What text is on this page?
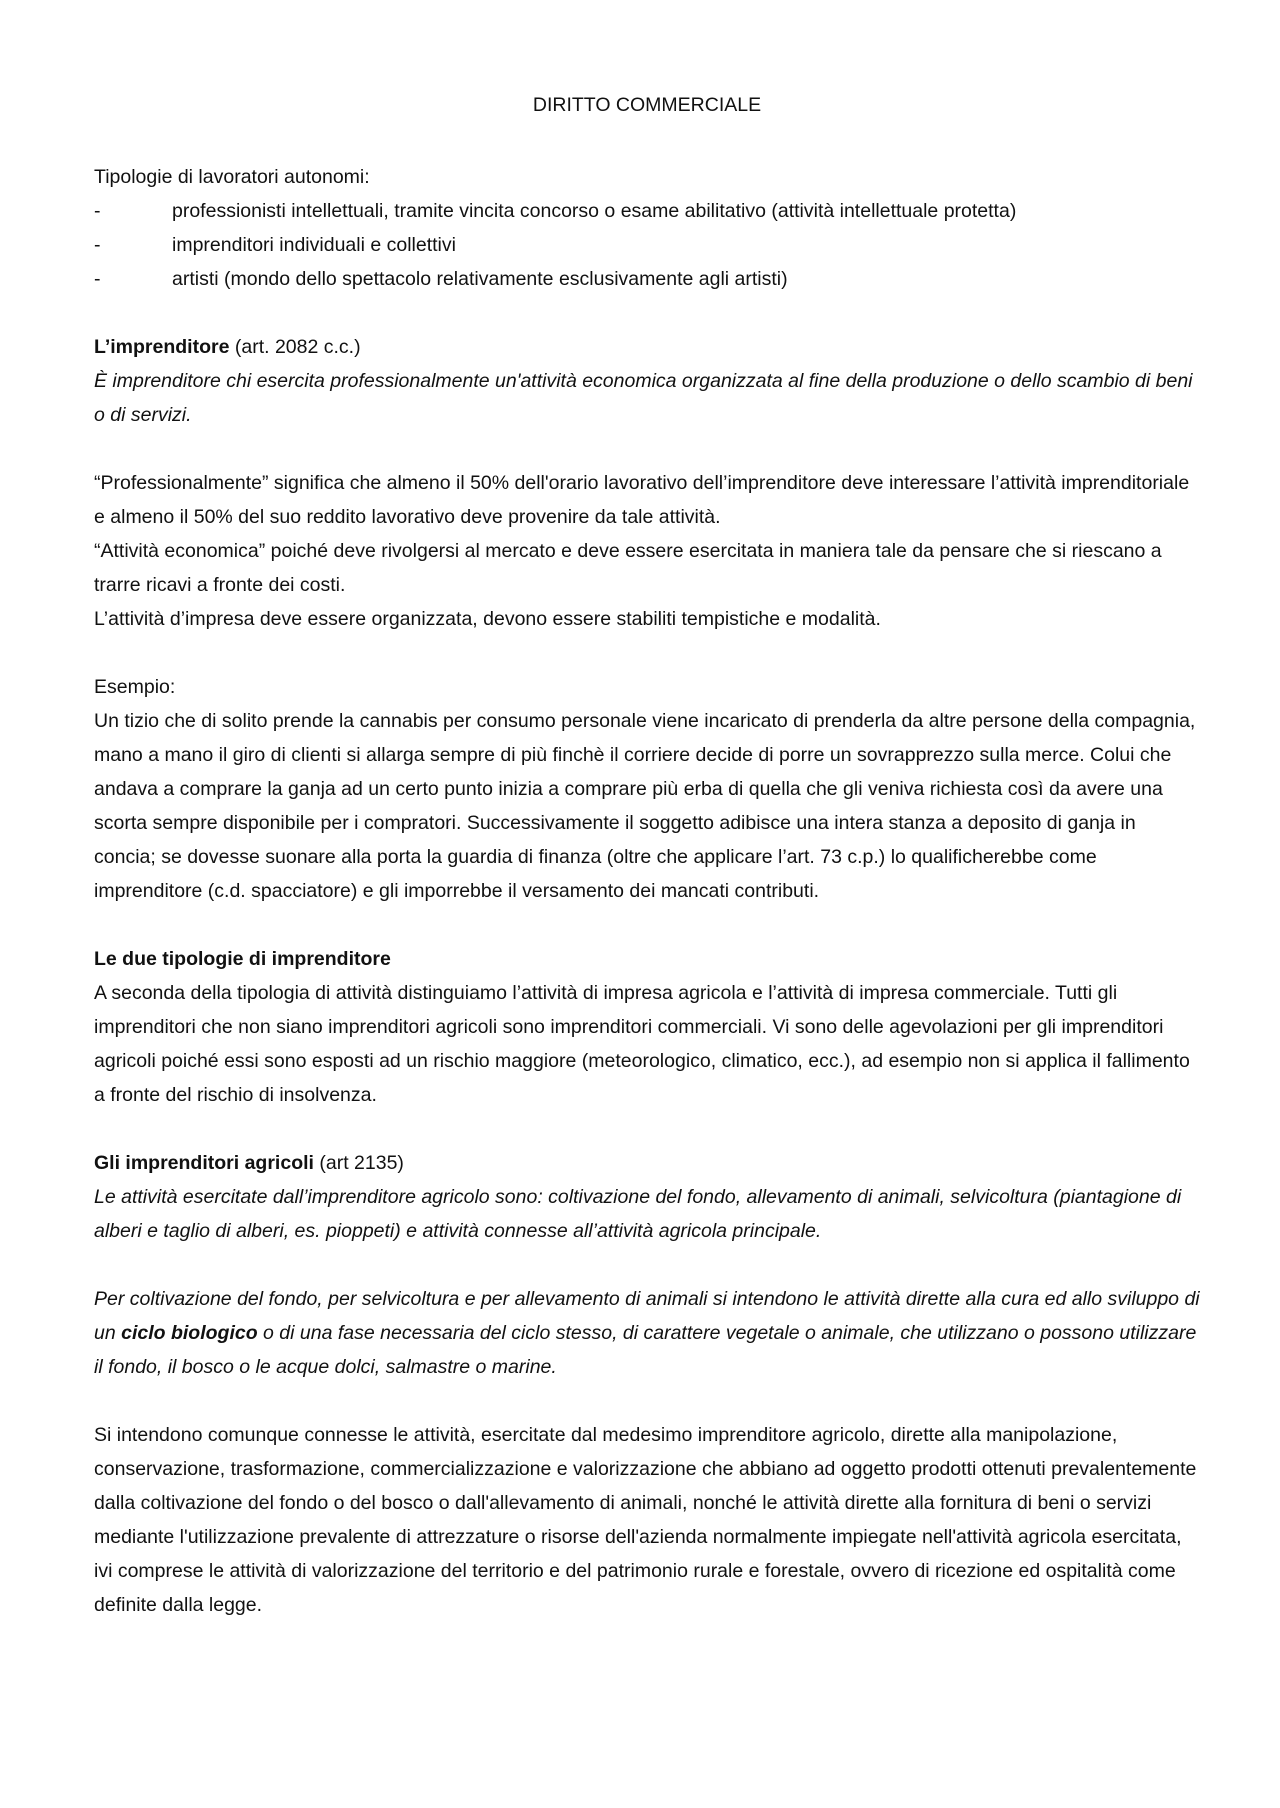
DIRITTO COMMERCIALE

Tipologie di lavoratori autonomi:

-	professionisti intellettuali, tramite vincita concorso o esame abilitativo (attività intellettuale protetta)
-	imprenditori individuali e collettivi
-	artisti (mondo dello spettacolo relativamente esclusivamente agli artisti)

L’imprenditore (art. 2082 c.c.)

È imprenditore chi esercita professionalmente un'attività economica organizzata al fine della produzione o dello scambio di beni o di servizi.

“Professionalmente” significa che almeno il 50% dell'orario lavorativo dell’imprenditore deve interessare l’attività imprenditoriale e almeno il 50% del suo reddito lavorativo deve provenire da tale attività.

“Attività economica” poiché deve rivolgersi al mercato e deve essere esercitata in maniera tale da pensare che si riescano a trarre ricavi a fronte dei costi.

L’attività d’impresa deve essere organizzata, devono essere stabiliti tempistiche e modalità.

Esempio:

Un tizio che di solito prende la cannabis per consumo personale viene incaricato di prenderla da altre persone della compagnia, mano a mano il giro di clienti si allarga sempre di più finchè il corriere decide di porre un sovrapprezzo sulla merce. Colui che andava a comprare la ganja ad un certo punto inizia a comprare più erba di quella che gli veniva richiesta così da avere una scorta sempre disponibile per i compratori. Successivamente il soggetto adibisce una intera stanza a deposito di ganja in concia; se dovesse suonare alla porta la guardia di finanza (oltre che applicare l’art. 73 c.p.) lo qualificherebbe come imprenditore (c.d. spacciatore) e gli imporrebbe il versamento dei mancati contributi.

Le due tipologie di imprenditore

A seconda della tipologia di attività distinguiamo l’attività di impresa agricola e l’attività di impresa commerciale. Tutti gli imprenditori che non siano imprenditori agricoli sono imprenditori commerciali. Vi sono delle agevolazioni per gli imprenditori agricoli poiché essi sono esposti ad un rischio maggiore (meteorologico, climatico, ecc.), ad esempio non si applica il fallimento a fronte del rischio di insolvenza.

Gli imprenditori agricoli (art 2135)

Le attività esercitate dall’imprenditore agricolo sono: coltivazione del fondo, allevamento di animali, selvicoltura (piantagione di alberi e taglio di alberi, es. pioppeti) e attività connesse all’attività agricola principale.

Per coltivazione del fondo, per selvicoltura e per allevamento di animali si intendono le attività dirette alla cura ed allo sviluppo di un ciclo biologico o di una fase necessaria del ciclo stesso, di carattere vegetale o animale, che utilizzano o possono utilizzare il fondo, il bosco o le acque dolci, salmastre o marine.

Si intendono comunque connesse le attività, esercitate dal medesimo imprenditore agricolo, dirette alla manipolazione, conservazione, trasformazione, commercializzazione e valorizzazione che abbiano ad oggetto prodotti ottenuti prevalentemente dalla coltivazione del fondo o del bosco o dall'allevamento di animali, nonché le attività dirette alla fornitura di beni o servizi mediante l'utilizzazione prevalente di attrezzature o risorse dell'azienda normalmente impiegate nell'attività agricola esercitata, ivi comprese le attività di valorizzazione del territorio e del patrimonio rurale e forestale, ovvero di ricezione ed ospitalità come definite dalla legge.
